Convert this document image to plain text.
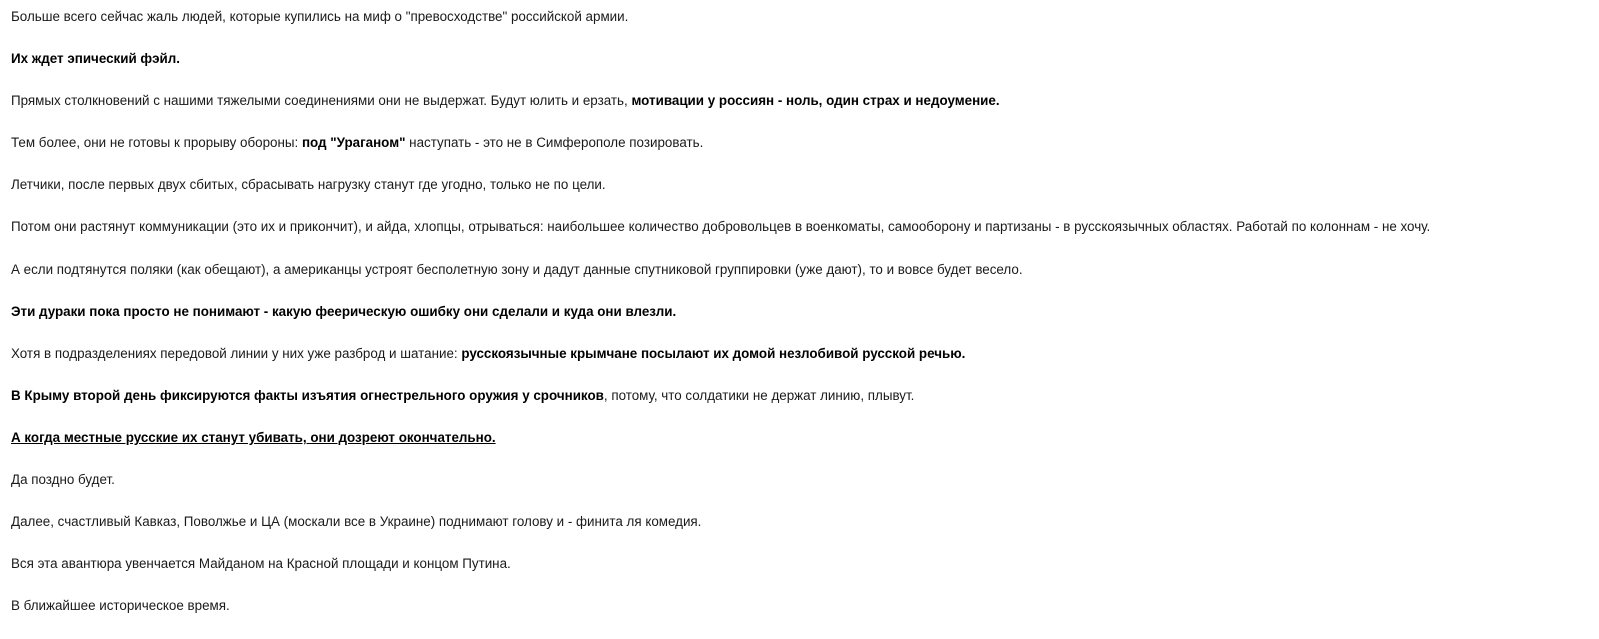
Больше всего сейчас жаль людей, которые купились на миф о "превосходстве" российской армии.

Их ждет эпический фэйл.

Прямых столкновений с нашими тяжелыми соединениями они не выдержат. Будут юлить и ерзать, мотивации у россиян - ноль, один страх и недоумение.

Тем более, они не готовы к прорыву обороны: под "Ураганом" наступать - это не в Симферополе позировать.

Летчики, после первых двух сбитых, сбрасывать нагрузку станут где угодно, только не по цели.

Потом они растянут коммуникации (это их и прикончит), и айда, хлопцы, отрываться: наибольшее количество добровольцев в военкоматы, самооборону и партизаны - в русскоязычных областях. Работай по колоннам - не хочу.

А если подтянутся поляки (как обещают), а американцы устроят бесполетную зону и дадут данные спутниковой группировки (уже дают), то и вовсе будет весело.

Эти дураки пока просто не понимают - какую феерическую ошибку они сделали и куда они влезли.

Хотя в подразделениях передовой линии у них уже разброд и шатание: русскоязычные крымчане посылают их домой незлобивой русской речью.

В Крыму второй день фиксируются факты изъятия огнестрельного оружия у срочников, потому, что солдатики не держат линию, плывут.

А когда местные русские их станут убивать, они дозреют окончательно.

Да поздно будет.

Далее, счастливый Кавказ, Поволжье и ЦА (москали все в Украине) поднимают голову и - финита ля комедия.

Вся эта авантюра увенчается Майданом на Красной площади и концом Путина.

В ближайшее историческое время.
